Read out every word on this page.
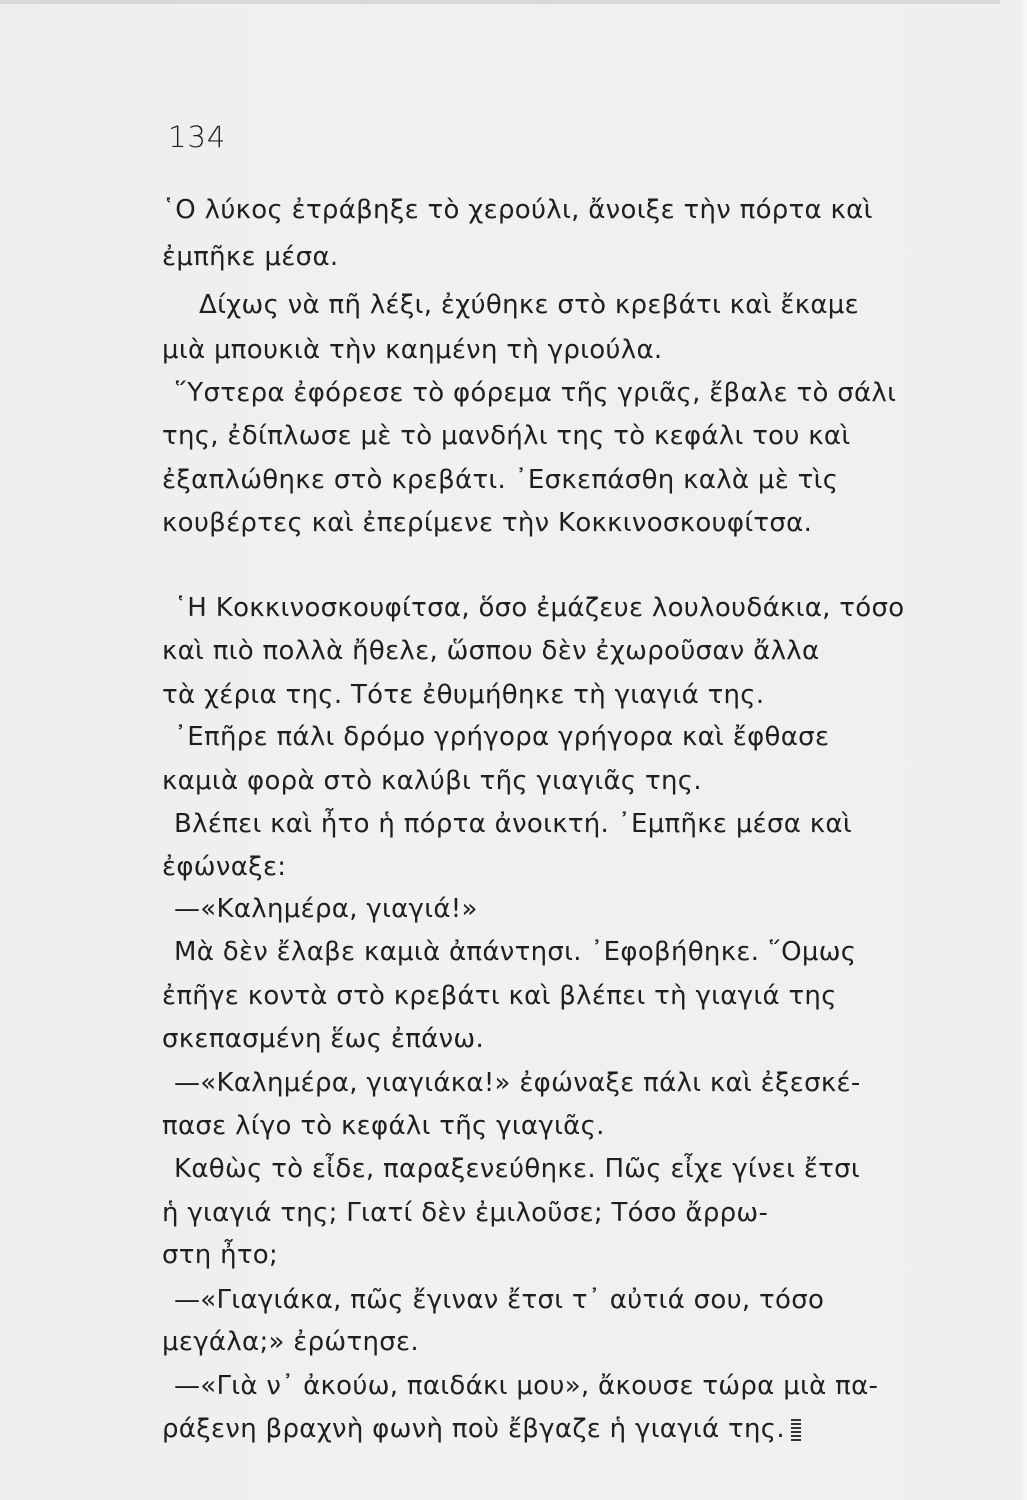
134
῾Ο λύκος ἐτράβηξε τὸ χερούλι, ἄνοιξε τὴν πόρτα καὶ
ἐμπῆκε μέσα.
Δίχως νὰ πῆ λέξι, ἐχύθηκε στὸ κρεβάτι καὶ ἔκαμε
μιὰ μπουκιὰ τὴν καημένη τὴ γριούλα.
῞Υστερα ἐφόρεσε τὸ φόρεμα τῆς γριᾶς, ἔβαλε τὸ σάλι
της, ἐδίπλωσε μὲ τὸ μανδήλι της τὸ κεφάλι του καὶ
ἐξαπλώθηκε στὸ κρεβάτι. ᾿Εσκεπάσθη καλὰ μὲ τὶς
κουβέρτες καὶ ἐπερίμενε τὴν Κοκκινοσκουφίτσα.
῾Η Κοκκινοσκουφίτσα, ὅσο ἐμάζευε λουλουδάκια, τόσο
καὶ πιὸ πολλὰ ἤθελε, ὥσπου δὲν ἐχωροῦσαν ἄλλα
τὰ χέρια της. Τότε ἐθυμήθηκε τὴ γιαγιά της.
᾿Επῆρε πάλι δρόμο γρήγορα γρήγορα καὶ ἔφθασε
καμιὰ φορὰ στὸ καλύβι τῆς γιαγιᾶς της.
Βλέπει καὶ ἦτο ἡ πόρτα ἀνοικτή. ᾿Εμπῆκε μέσα καὶ
ἐφώναξε:
—«Καλημέρα, γιαγιά!»
Μὰ δὲν ἔλαβε καμιὰ ἀπάντησι. ᾿Εφοβήθηκε. ῞Ομως
ἐπῆγε κοντὰ στὸ κρεβάτι καὶ βλέπει τὴ γιαγιά της
σκεπασμένη ἕως ἐπάνω.
—«Καλημέρα, γιαγιάκα!» ἐφώναξε πάλι καὶ ἐξεσκέ-
πασε λίγο τὸ κεφάλι τῆς γιαγιᾶς.
Καθὼς τὸ εἶδε, παραξενεύθηκε. Πῶς εἶχε γίνει ἔτσι
ἡ γιαγιά της; Γιατί δὲν ἐμιλοῦσε; Τόσο ἄρρω-
στη ἦτο;
—«Γιαγιάκα, πῶς ἔγιναν ἔτσι τ᾿ αὐτιά σου, τόσο
μεγάλα;» ἐρώτησε.
—«Γιὰ ν᾿ ἀκούω, παιδάκι μου», ἄκουσε τώρα μιὰ πα-
ράξενη βραχνὴ φωνὴ ποὺ ἔβγαζε ἡ γιαγιά της.
